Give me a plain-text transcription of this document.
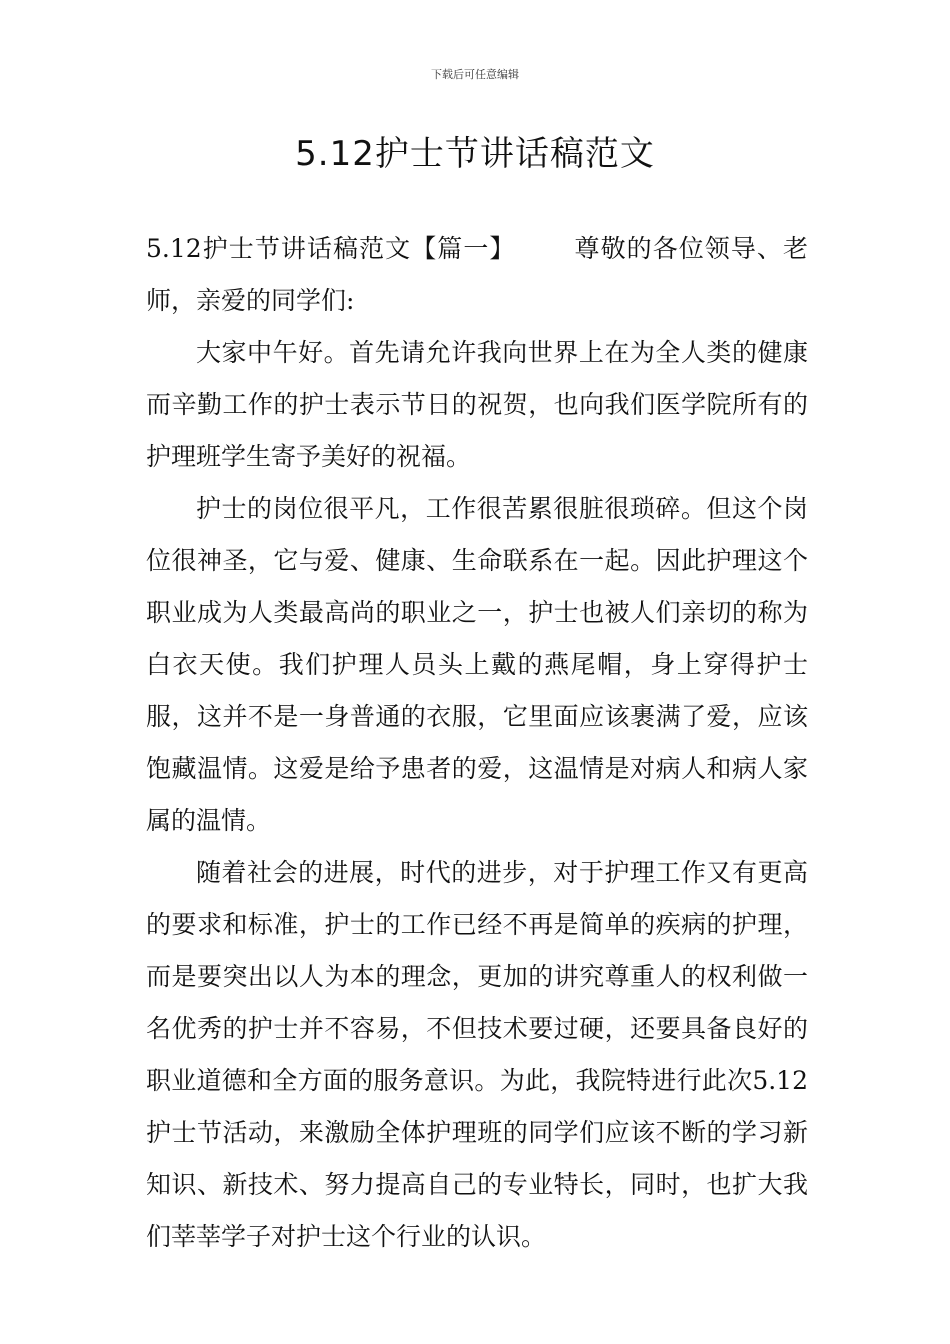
下载后可任意编辑
5.12护士节讲话稿范文

5.12护士节讲话稿范文【篇一】 尊敬的各位领导、老师，亲爱的同学们:

大家中午好。首先请允许我向世界上在为全人类的健康而辛勤工作的护士表示节日的祝贺，也向我们医学院所有的护理班学生寄予美好的祝福。

护士的岗位很平凡，工作很苦累很脏很琐碎。但这个岗位很神圣，它与爱、健康、生命联系在一起。因此护理这个职业成为人类最高尚的职业之一，护士也被人们亲切的称为白衣天使。我们护理人员头上戴的燕尾帽，身上穿得护士服，这并不是一身普通的衣服，它里面应该裹满了爱，应该饱藏温情。这爱是给予患者的爱，这温情是对病人和病人家属的温情。

随着社会的进展，时代的进步，对于护理工作又有更高的要求和标准，护士的工作已经不再是简单的疾病的护理，而是要突出以人为本的理念，更加的讲究尊重人的权利做一名优秀的护士并不容易，不但技术要过硬，还要具备良好的职业道德和全方面的服务意识。为此，我院特进行此次5.12护士节活动，来激励全体护理班的同学们应该不断的学习新知识、新技术、努力提高自己的专业特长，同时，也扩大我们莘莘学子对护士这个行业的认识。
